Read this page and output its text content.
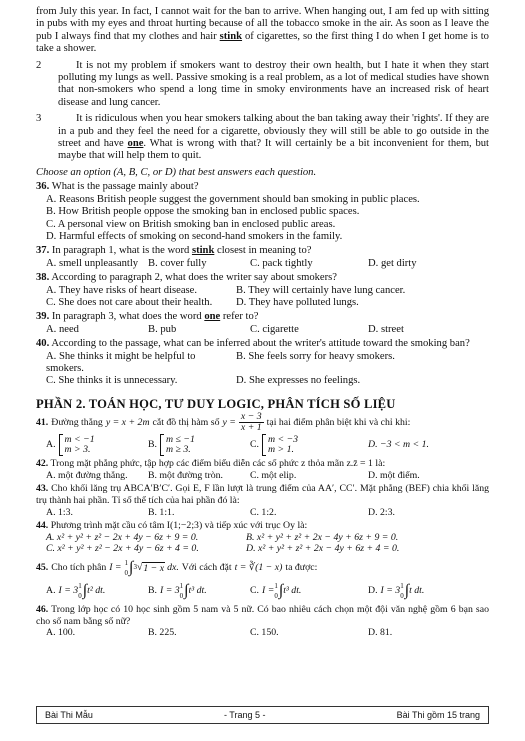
from July this year. In fact, I cannot wait for the ban to arrive. When hanging out, I am fed up with sitting in pubs with my eyes and throat hurting because of all the tobacco smoke in the air. As soon as I leave the pub I always find that my clothes and hair stink of cigarettes, so the first thing I do when I get home is to take a shower.

2	It is not my problem if smokers want to destroy their own health, but I hate it when they start polluting my lungs as well. Passive smoking is a real problem, as a lot of medical studies have shown that non-smokers who spend a long time in smoky environments have an increased risk of heart disease and lung cancer.
3	It is ridiculous when you hear smokers talking about the ban taking away their 'rights'. If they are in a pub and they feel the need for a cigarette, obviously they will still be able to go outside in the street and have one. What is wrong with that? It will certainly be a bit inconvenient for them, but maybe that will help them to quit.

Choose an option (A, B, C, or D) that best answers each question.

36. What is the passage mainly about?

A. Reasons British people suggest the government should ban smoking in public places.
B. How British people oppose the smoking ban in enclosed public spaces.
C. A personal view on British smoking ban in enclosed public areas.
D. Harmful effects of smoking on second-hand smokers in the family.

37. In paragraph 1, what is the word stink closest in meaning to?

A. smell unpleasantly B. cover fully	C. pack tightly	D. get dirty

38. According to paragraph 2, what does the writer say about smokers?

A. They have risks of heart disease.	B. They will certainly have lung cancer.
C. She does not care about their health.	D. They have polluted lungs.

39. In paragraph 3, what does the word one refer to?

A. need	B. pub	C. cigarette	D. street

40. According to the passage, what can be inferred about the writer's attitude toward the smoking ban?

A. She thinks it might be helpful to smokers.
B. She feels sorry for heavy smokers.
C. She thinks it is unnecessary.	D. She expresses no feelings.

PHẦN 2. TOÁN HỌC, TƯ DUY LOGIC, PHÂN TÍCH SỐ LIỆU

41. Đường thẳng y = x + 2m cắt đồ thị hàm số $y = \frac{x - 3}{x + 1}$ tại hai điểm phân biệt khi và chỉ khi:

A. m < −1
m > 3.	B. m ≤ −1
m ≥ 3.	C. m < −3
m > 1.	D. −3 < m < 1.

42. Trong mặt phẳng phức, tập hợp các điểm biểu diễn các số phức z thỏa mãn z.z̄ = 1 là:

A. một đường thẳng.	B. một đường tròn.	C. một elip.	D. một điểm.

43. Cho khối lăng trụ ABCA′B′C′. Gọi E, F lần lượt là trung điểm của AA′, CC′. Mặt phẳng (BEF) chia khối lăng trụ thành hai phần. Tỉ số thể tích của hai phần đó là:

A. 1:3.	B. 1:1.	C. 1:2.	D. 2:3.

44. Phương trình mặt cầu có tâm I(1;−2;3) và tiếp xúc với trục Oy là:

A. x² + y² + z² − 2x + 4y − 6z + 9 = 0.	B. x² + y² + z² + 2x − 4y + 6z + 9 = 0.
C. x² + y² + z² − 2x + 4y − 6z + 4 = 0.	D. x² + y² + z² + 2x − 4y + 6z + 4 = 0.

45. Cho tích phân I = 1
0 ∫ 3 √ 1 − x dx. Với cách đặt t = ∛(1 − x) ta được:

A. I = 3 1
0 ∫ t² dt.	B. I = 3 1
0 ∫ t³ dt.	C. I = 1
0 ∫ t³ dt.	D. I = 3 1
0 ∫ t dt.

46. Trong lớp học có 10 học sinh gồm 5 nam và 5 nữ. Có bao nhiêu cách chọn một đội văn nghệ gồm 6 bạn sao cho số nam bằng số nữ?

A. 100.	B. 225.	C. 150.	D. 81.
Bài Thi Mẫu	- Trang 5 -	Bài Thi gồm 15 trang
